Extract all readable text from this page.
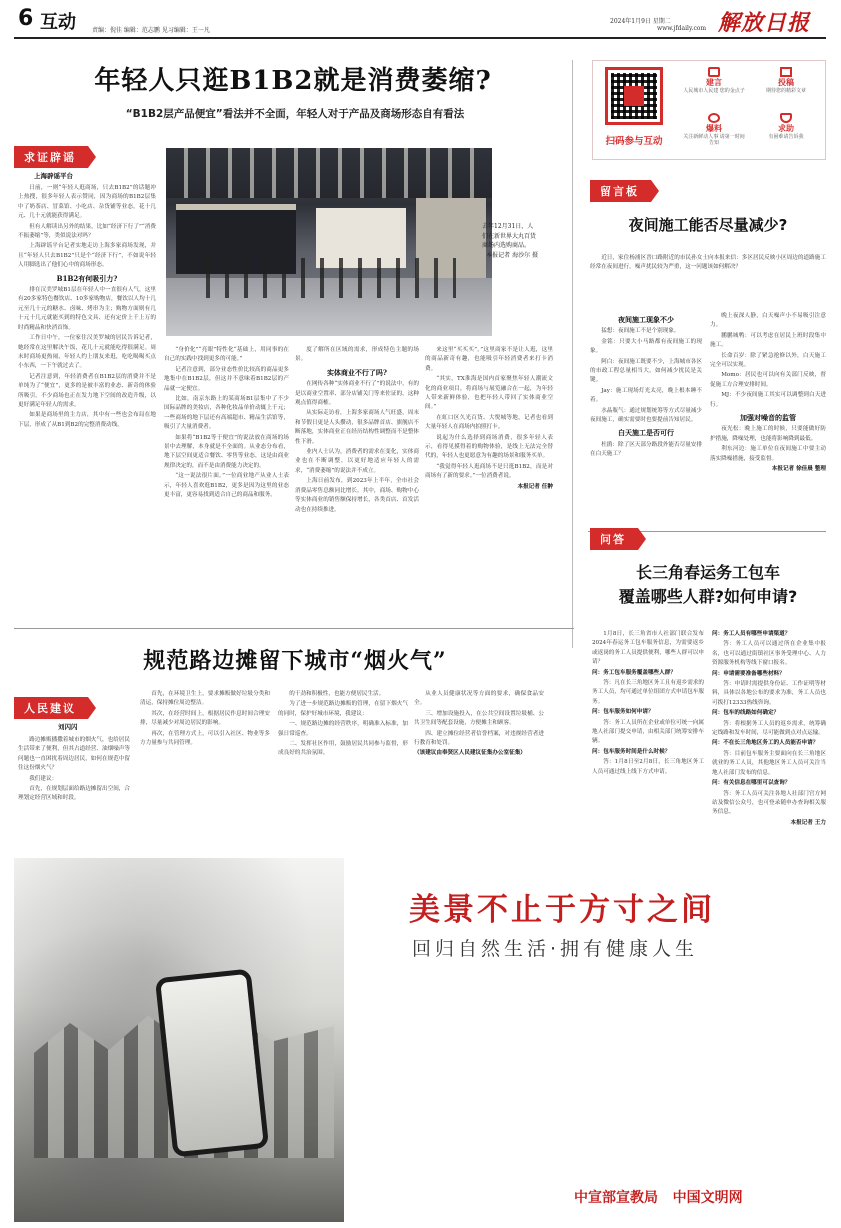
6 互动	责编：倪佳 编辑：范志鹏 见习编辑：王一凡
2024年1月9日 星期二
www.jfdaily.com 解放日报
年轻人只逛B1B2就是消费萎缩?
“B1B2层产品便宜”看法并不全面，年轻人对于产品及商场形态自有看法
扫码参与互动
建言
人民城市人民建 您的金点子
投稿
期待您的精彩文章
爆料
关注新鲜动人事 请第一时间告知
求助
有困难请告诉我
求证辟谣
上海辟谣平台

日前，一则“年轻人逛商场，只去B1B2”的话题冲上热搜，很多年轻人表示赞同，因为商场的B1B2层集中了奶茶店、冒菜馆、小吃店、杂货铺等业态，花十几元、几十元就能获得满足。

但有人解读出另外的结果，比如“经济下行了”“消费不振萎缩”等，类似说法对吗？

上海辟谣平台记者实地走访上海多家商场发现，并且“年轻人只去B1B2”只是个“经济下行”，不如说年轻人用脚选出了他们心中的商场形态。

B1B2有何吸引力?

排在汉美罗城B1层在年轻人中一直很有人气，这里有20多家特色餐饮店、10多家购物店，餐饮以人均十几元至几十元的糖水、卤味、烤串为主；购物方面则有几十元十几元就能买到的特色文具、还有定价上千上万的时尚精品和快消首饰。

工作日中午，一位家住汉美罗城的居民告诉记者，她经常在这里解决午饭，花几十元就能吃得很满足。周末时商场更热闹，年轻人约上朋友来逛，吃吃喝喝买点小东西，一下午就过去了。

记者注意到，年轻消费者在B1B2层的消费并不是单纯为了“便宜”，更多的是被丰富的业态、新奇的体验所吸引。不少商场也正在发力地下空间的改造升级，以更好满足年轻人的需求。

如果是商场里的主力店，其中有一些也会布局在地下层，形成了从B1到B2的完整消费动线。

去年12月31日，人们在新世界大丸百货商场内选购商品。
本报记者 海沙尔 摄

“身价化”“亮眼”特性化“基础上，用同事的在自己的实践中找到更多的可能。”

记者注意到，部分业态性价比较高的商品更多地集中在B1B2层，但这并不意味着B1B2层的产品就一定便宜。

比如，南京东路上的某商场B1层集中了不少国际品牌的美妆店，各种化妆品单价动辄上千元；一些商场的地下层还有高端超市、精品生活馆等，吸引了大量消费者。

如果将“B1B2等于便宜”的说法放在商场的场景中去理解，本身就是不全面的。从业态分布看，地下层空间更适合餐饮、零售等业态，这是由商业规律决定的，而不是由消费能力决定的。

“这一说法很片面。”一位商业地产从业人士表示，年轻人喜欢逛B1B2，更多是因为这里的业态更丰富，更容易找到适合自己的商品和服务。

度了解所在区域的需求，形成特色主题的场景。

实体商业不行了吗?

在网传各种“实体商业不行了”的说法中，有的是以商业空置率、部分店铺关门等来佐证的，这种观点值得商榷。

从实际走访看，上海多家商场人气旺盛，周末和节假日更是人头攒动，很多品牌首店、旗舰店不断落地，实体商业正在经历结构性调整而不是整体性下滑。

业内人士认为，消费者的需求在变化，实体商业也在不断调整，以更好地适应年轻人的需求，“消费萎缩”的说法并不成立。

上海日前发布，到2023年上半年，全市社会消费品零售总额同比增长。其中，商场、购物中心等实体商业的销售额保持增长，各类首店、首发活动也在持续推进。

来这里“买买买”。”这里商家不是让人逛，这里的商品新奇有趣，也能吸引年轻消费者来打卡消费。

“其实，TX淮海是国内首家聚焦年轻人潮流文化的商业项目，将商场与展览融合在一起，为年轻人带来新鲜体验，也把年轻人带回了实体商业空间。”

在虹口区久光百货、大悦城等地，记者也看到大量年轻人在商场内拍照打卡。

说起为什么选择到商场消费，很多年轻人表示，看得见摸得着的购物体验，是线上无法完全替代的，年轻人也更愿意为有趣的场景和服务买单。

“我觉得年轻人逛商场不是只逛B1B2，而是对商场有了新的要求。”一位消费者说。

本报记者 任翀

留言板
夜间施工能否尽量减少?

近日，家住杨浦区晋口路附近的市民孙女士向本报来信：多区居民反映小区周边的道路施工经常在夜间进行，噪声扰民较为严重，这一问题该如何解决？

夜间施工现象不少

猛想：夜间施工不是个别现象。

金铭：只要大小马路都有夜间施工的现象。

阿白：夜间施工既要不少，上海城市各区的市政工程总量相当大，如何减少扰民是关键。

Jay：施工现场灯光太亮，晚上根本睡不着。

水晶瓶气：通过规划统筹等方式尽量减少夜间施工，确实需要时也要提前告知居民。

白天施工是否可行

杜鹃：除了区天部分路段外能否尽量安排在白天施工？

晚上夜深人静，白天噪声小不易吸引注意力。

鹏鹏城鸭：可以考虑在居民上班时段集中施工。

长命百岁：除了紧急抢修以外，白天施工完全可以实现。

Momo：居民也可以向有关部门反映，督促施工方合理安排时间。

MJ：不少夜间施工其实可以调整到白天进行。

加强对噪音的监管

夜光松：晚上施工的时候，只要能做好防护措施，降噪处理，也能将影响降到最低。

利东河边：施工单位在夜间施工中要主动落实降噪措施，接受监督。

本报记者 徐佳晨 整理

问答
长三角春运务工包车
覆盖哪些人群?如何申请?

1月8日，长三角省市人社部门联合发布2024年春运务工包车服务信息，为需要返乡或返岗的务工人员提供便利，哪些人群可以申请？

问：务工包车服务覆盖哪些人群？

答：凡在长三角地区务工且有返乡需求的务工人员，均可通过单位组团方式申请包车服务。

问：包车服务如何申请？

答：务工人员所在企业或单位可统一向属地人社部门提交申请，由相关部门统筹安排车辆。

问：包车服务时间是什么时候？

答：1月8日至2月8日，长三角地区务工人员可通过线上线下方式申请。

问：务工人员有哪些申请渠道？

答：务工人员可以通过所在企业集中报名，也可以通过街镇社区事务受理中心、人力资源服务机构等线下窗口报名。

问：申请需要准备哪些材料？

答：申请时需提供身份证、工作证明等材料，具体以各地公布的要求为准，务工人员也可拨打12333热线咨询。

问：包车的线路如何确定？

答：将根据务工人员的返乡需求，统筹确定线路和发车时间，尽可能做到点对点运输。

问：不在长三角地区务工的人员能否申请？

答：目前包车服务主要面向在长三角地区就业的务工人员，其他地区务工人员可关注当地人社部门发布的信息。

问：有关信息在哪里可以查询？

答：务工人员可关注各地人社部门官方网站及微信公众号，也可登录随申办查询相关服务信息。

本报记者 王力

规范路边摊留下城市“烟火气”
人民建议
刘闪闪

路边摊贩播撒着城市的烟火气，也给居民生活带来了便利，但其占道经营、油烟噪声等问题也一直困扰着周边居民，如何在规范中留住这份烟火气？

我们建议：

首先，在规划层面给路边摊留出空间，合理划定经营区域和时段。

首先，在环境卫生上，要求摊贩做好垃圾分类和清运，保持摊位周边整洁。

其次，在经营时间上，根据居民作息时间合理安排，尽量减少对周边居民的影响。

再次，在管理方式上，可以引入社区、物业等多方力量参与共同管理。

的干劲和积极性，也能方便居民生活。

为了进一步规范路边摊贩的管理，在留下烟火气的同时，保护好城市环境，我建议：

一、规范路边摊的经营秩序，明确准入标准，加强日常巡查。

二、发挥社区作用，鼓励居民共同参与监督，形成良好的共治氛围。

从业人员健康状况等方面的要求，确保食品安全。

三、增加设施投入，在公共空间设置垃圾桶、公共卫生间等配套设施，方便摊主和顾客。

四、建立摊位经营者信誉档案，对违规经营者进行教育和处罚。

（该建议由奉贤区人民建议征集办公室征集）

美景不止于方寸之间
回归自然生活·拥有健康人生
中宣部宣教局   中国文明网
